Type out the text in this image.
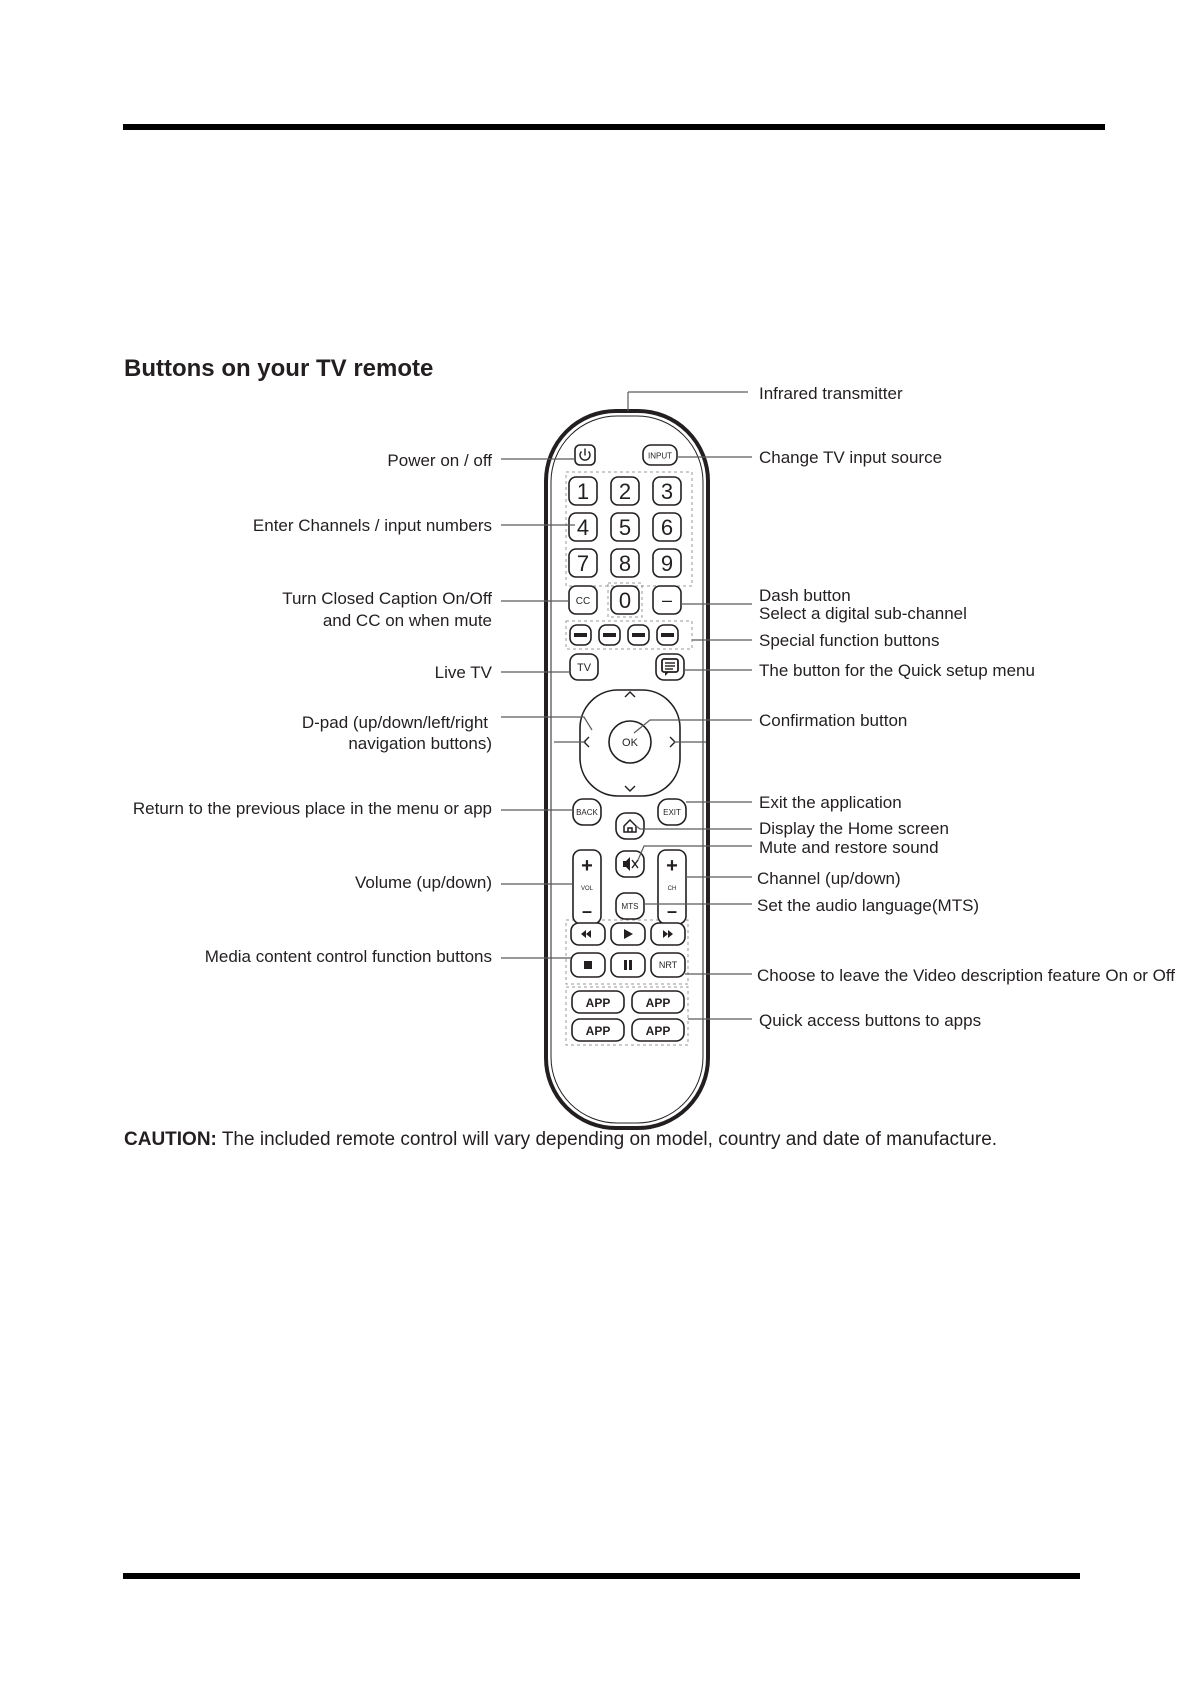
Buttons on your TV remote
INPUT
1 2 3
4 5 6
7 8 9
CC 0 –
TV
OK
BACK	EXIT
+
VOL
–	MTS
+
CH
–
NRT
APP	APP
APP	APP
Power on / off
Enter Channels / input numbers
Turn Closed Caption On/Off
and CC on when mute
Live TV
D-pad (up/down/left/right
navigation buttons)
Return to the previous place in the menu or app
Volume (up/down)
Media content control function buttons
Infrared transmitter
Change TV input source
Dash button
Select a digital sub-channel
Special function buttons
The button for the Quick setup menu
Confirmation button
Exit the application
Display the Home screen
Mute and restore sound
Channel (up/down)
Set the audio language(MTS)
Choose to leave the Video description feature On or Off
Quick access buttons to apps

CAUTION: The included remote control will vary depending on model, country and date of manufacture.
